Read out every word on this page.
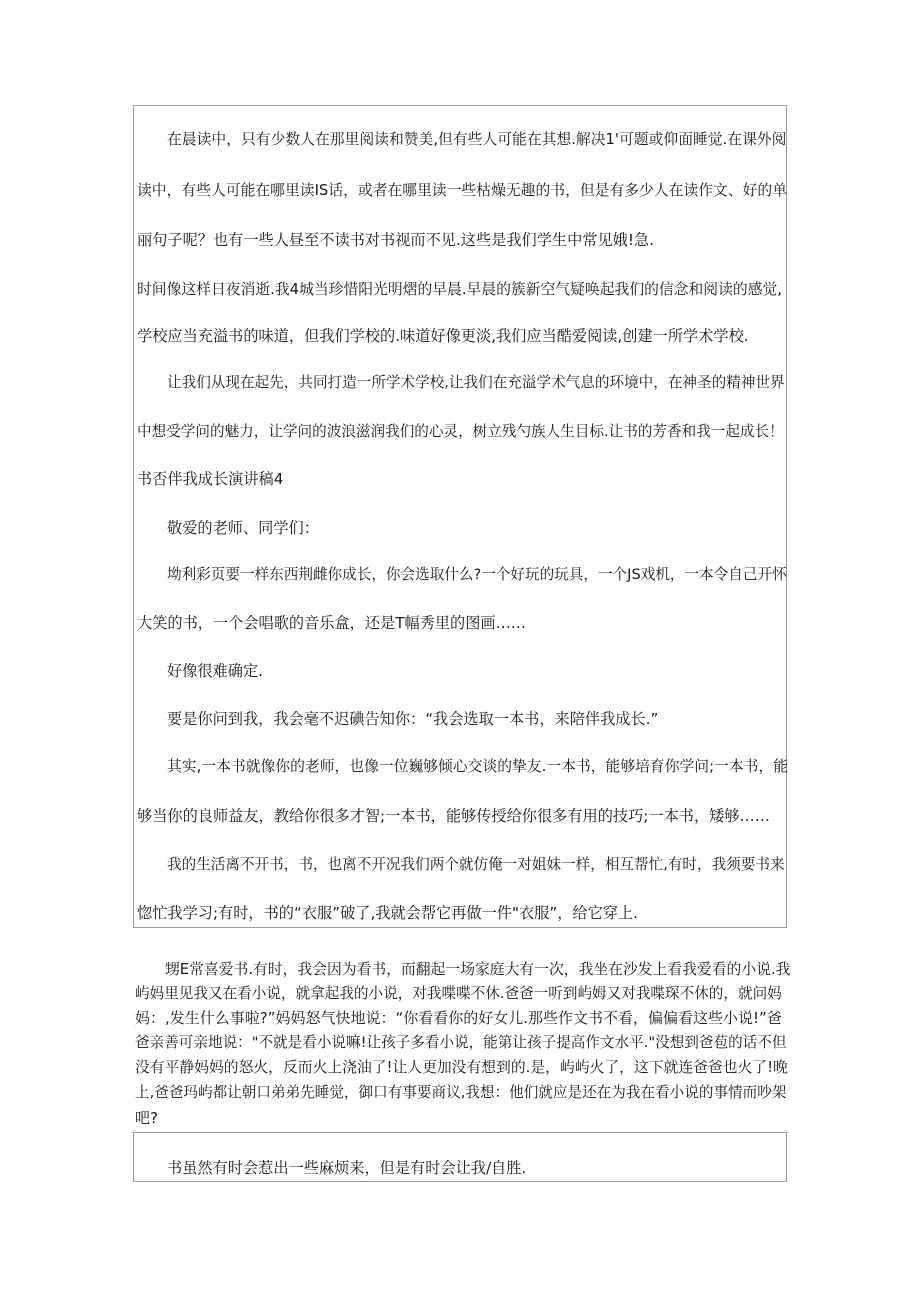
在晨读中，只有少数人在那里阅读和赞美,但有些人可能在其想.解决1'可题或仰面睡觉.在课外阅
读中，有些人可能在哪里读IS话，或者在哪里读一些枯燥无趣的书，但是有多少人在读作文、好的单
丽句子呢？也有一些人昼至不读书对书视而不见.这些是我们学生中常见娥!急.
时间像这样日夜消逝.我4城当珍惜阳光明熠的早晨.早晨的簇新空气疑唤起我们的信念和阅读的感觉,
学校应当充溢书的味道，但我们学校的.味道好像更淡,我们应当酷爱阅读,创建一所学术学校.
让我们从现在起先，共同打造一所学术学校,让我们在充溢学术气息的环境中，在神圣的精神世界
中想受学问的魅力，让学问的波浪滋润我们的心灵，树立残勺族人生目标.让书的芳香和我一起成长！
书否伴我成长演讲稿4
敬爱的老师、同学们：
坳利彩页要一样东西荆雌你成长，你会选取什么?一个好玩的玩具，一个JS戏机，一本令自己开怀
大笑的书，一个会唱歌的音乐盒，还是T幅秀里的图画……
好像很难确定.
要是你问到我，我会毫不迟碘告知你：“我会选取一本书，来陪伴我成长.”
其实,一本书就像你的老师，也像一位巍够倾心交谈的挚友.一本书，能够培育你学问;一本书，能
够当你的良师益友，教给你很多才智;一本书，能够传授给你很多有用的技巧;一本书，矮够……
我的生活离不开书，书，也离不开况我们两个就仿俺一对姐妹一样，相互帮忙,有时，我须要书来
惚忙我学习;有时，书的“衣服”破了,我就会帮它再做一件"衣服”，给它穿上.
甥E常喜爱书.有时，我会因为看书，而翻起一场家庭大有一次，我坐在沙发上看我爱看的小说.我
屿妈里见我又在看小说，就拿起我的小说，对我喋喋不休.爸爸一听到屿姆又对我喋琛不休的，就问妈
妈：,发生什么事啦?”妈妈怒气快地说：“你看看你的好女儿.那些作文书不看，偏偏看这些小说!”爸
爸亲善可亲地说："不就是看小说嘛!让孩子多看小说，能第让孩子提高作文水平."没想到爸苞的话不但
没有平静妈妈的怒火，反而火上浇油了!让人更加没有想到的.是，屿屿火了，这下就连爸爸也火了!晚
上,爸爸玛屿都让朝口弟弟先睡觉，御口有事要商议,我想：他们就应是还在为我在看小说的事情而吵架
吧?
书虽然有时会惹出一些麻烦来，但是有时会让我/自胜.
